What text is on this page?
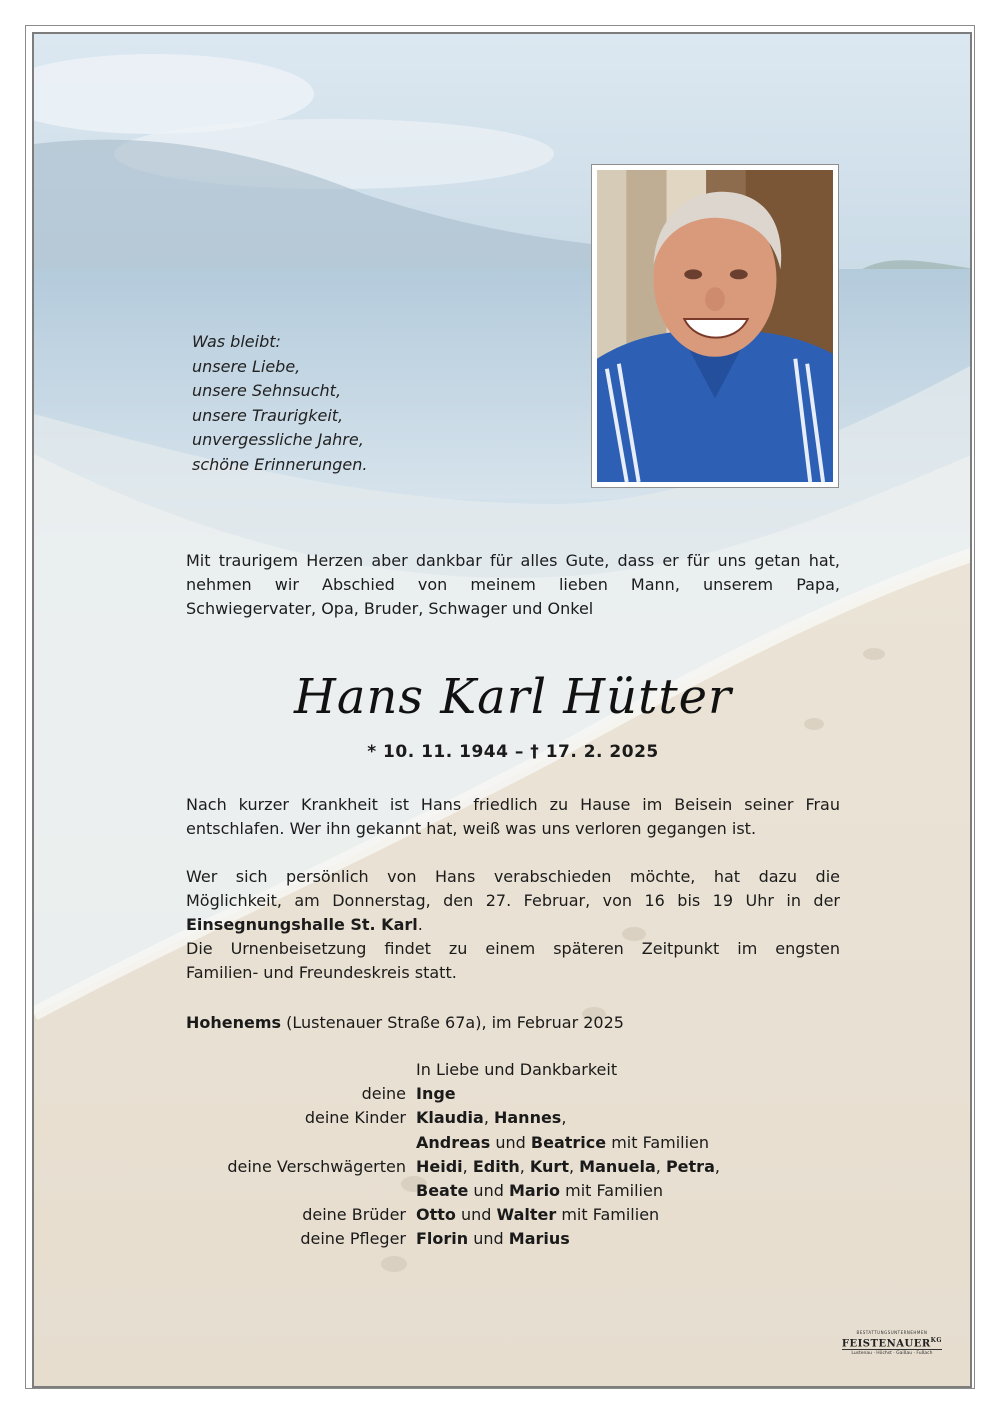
Was bleibt:
unsere Liebe,
unsere Sehnsucht,
unsere Traurigkeit,
unvergessliche Jahre,
schöne Erinnerungen.
Mit traurigem Herzen aber dankbar für alles Gute, dass er für uns getan hat,
nehmen wir Abschied von meinem lieben Mann, unserem Papa,
Schwiegervater, Opa, Bruder, Schwager und Onkel
Hans Karl Hütter
* 10. 11. 1944 – † 17. 2. 2025
Nach kurzer Krankheit ist Hans friedlich zu Hause im Beisein seiner Frau
entschlafen. Wer ihn gekannt hat, weiß was uns verloren gegangen ist.
Wer sich persönlich von Hans verabschieden möchte, hat dazu die
Möglichkeit, am Donnerstag, den 27. Februar, von 16 bis 19 Uhr in der
Einsegnungshalle St. Karl.
Die Urnenbeisetzung findet zu einem späteren Zeitpunkt im engsten
Familien- und Freundeskreis statt.
Hohenems (Lustenauer Straße 67a), im Februar 2025
In Liebe und Dankbarkeit
deine Inge
deine Kinder Klaudia, Hannes,
Andreas und Beatrice mit Familien
deine Verschwägerten Heidi, Edith, Kurt, Manuela, Petra,
Beate und Mario mit Familien
deine Brüder Otto und Walter mit Familien
deine Pfleger Florin und Marius
BESTATTUNGSUNTERNEHMEN
$FEISTENAUER^{KG}$
Lustenau · Höchst · Gaißau · Fußach
